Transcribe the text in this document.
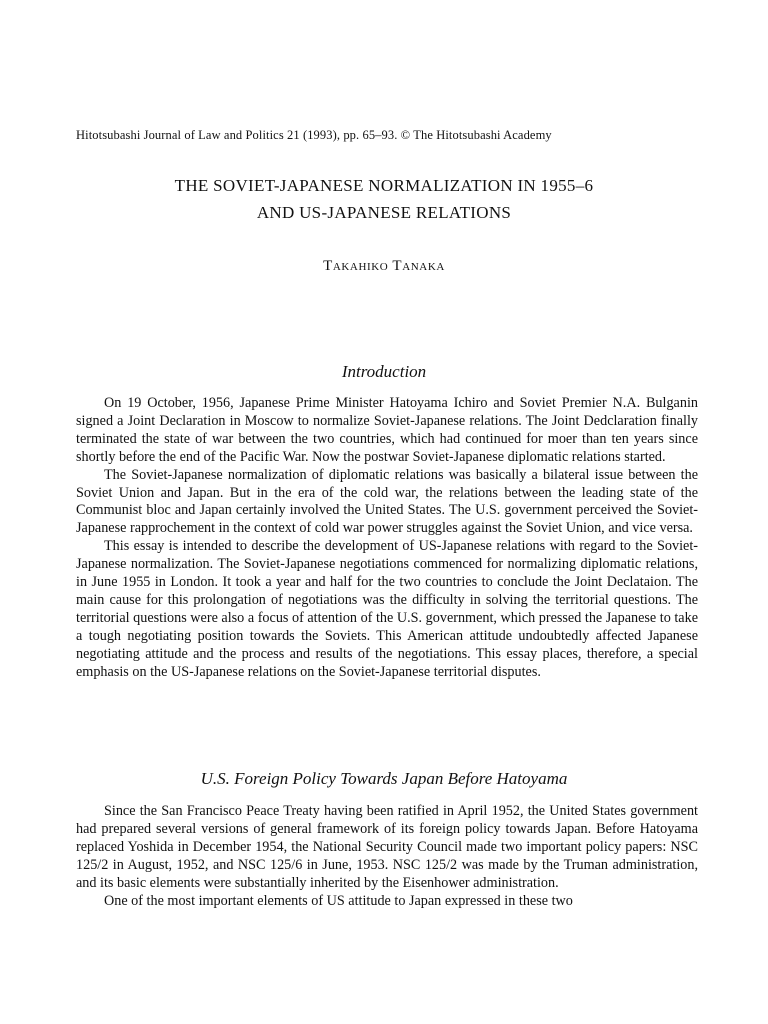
Hitotsubashi Journal of Law and Politics 21 (1993), pp. 65–93. © The Hitotsubashi Academy
THE SOVIET-JAPANESE NORMALIZATION IN 1955–6
AND US-JAPANESE RELATIONS
Takahiko Tanaka
Introduction

On 19 October, 1956, Japanese Prime Minister Hatoyama Ichiro and Soviet Premier N.A. Bulganin signed a Joint Declaration in Moscow to normalize Soviet-Japanese relations. The Joint Dedclaration finally terminated the state of war between the two countries, which had continued for moer than ten years since shortly before the end of the Pacific War. Now the postwar Soviet-Japanese diplomatic relations started.

The Soviet-Japanese normalization of diplomatic relations was basically a bilateral issue between the Soviet Union and Japan. But in the era of the cold war, the relations between the leading state of the Communist bloc and Japan certainly involved the United States. The U.S. government perceived the Soviet-Japanese rapprochement in the context of cold war power struggles against the Soviet Union, and vice versa.

This essay is intended to describe the development of US-Japanese relations with regard to the Soviet-Japanese normalization. The Soviet-Japanese negotiations commenced for normalizing diplomatic relations, in June 1955 in London. It took a year and half for the two countries to conclude the Joint Declataion. The main cause for this prolongation of negotiations was the difficulty in solving the territorial questions. The territorial questions were also a focus of attention of the U.S. government, which pressed the Japanese to take a tough negotiating position towards the Soviets. This American attitude undoubtedly affected Japanese negotiating attitude and the process and results of the negotiations. This essay places, therefore, a special emphasis on the US-Japanese relations on the Soviet-Japanese territorial disputes.

U.S. Foreign Policy Towards Japan Before Hatoyama

Since the San Francisco Peace Treaty having been ratified in April 1952, the United States government had prepared several versions of general framework of its foreign policy towards Japan. Before Hatoyama replaced Yoshida in December 1954, the National Security Council made two important policy papers: NSC 125/2 in August, 1952, and NSC 125/6 in June, 1953. NSC 125/2 was made by the Truman administration, and its basic elements were substantially inherited by the Eisenhower administration.

One of the most important elements of US attitude to Japan expressed in these two
